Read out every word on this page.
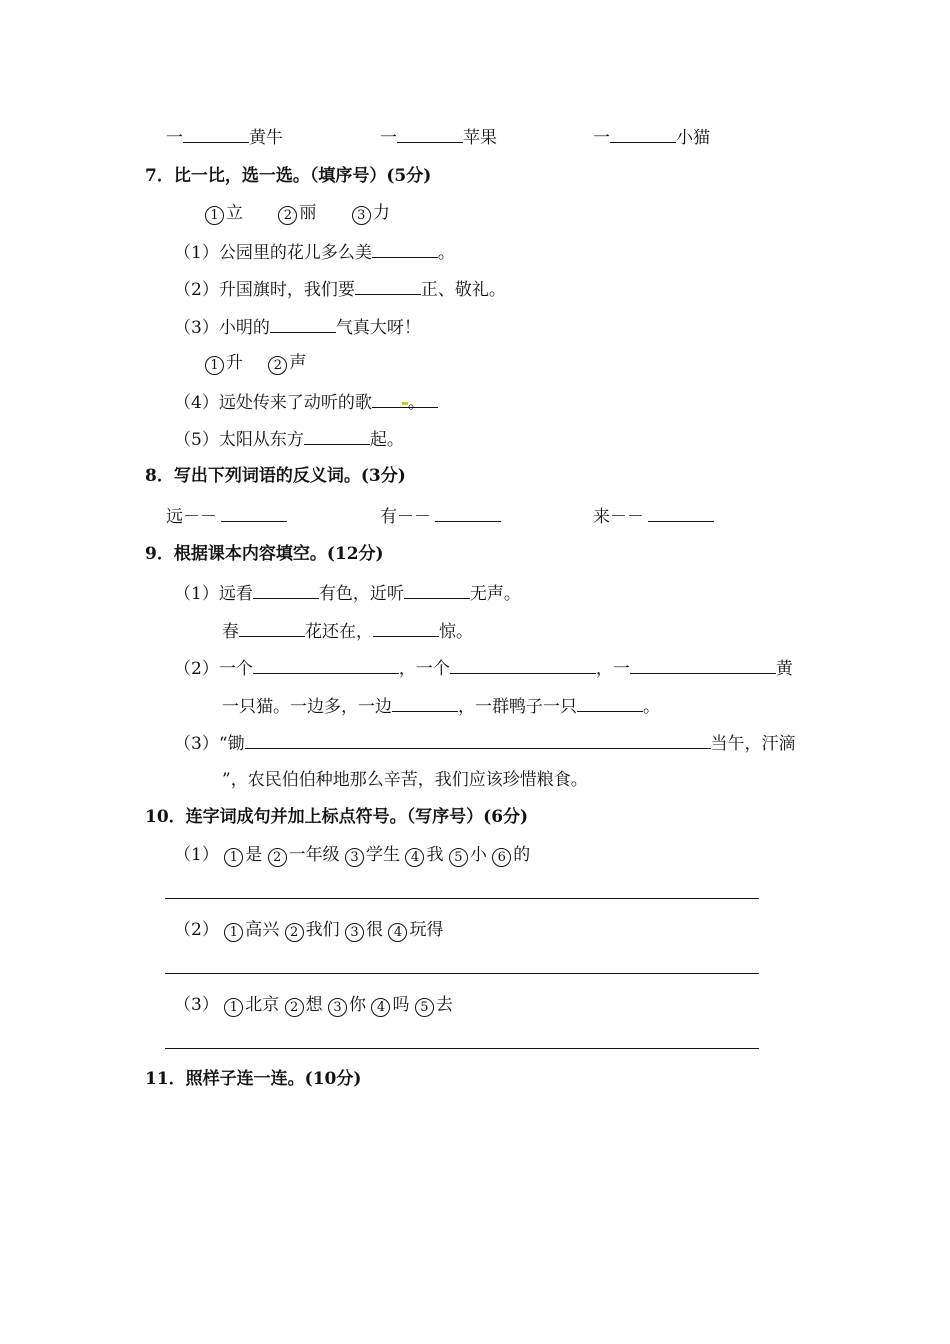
一	黄牛	一	苹果	一	小猫
7．比一比，选一选。（填序号）(5分)
1 立	2 丽	3 力
（1）公园里的花儿多么美	。
（2）升国旗时，我们要	正、敬礼。
（3）小明的	气真大呀！
1 升 2 声
（4）远处传来了动听的歌 。
（5）太阳从东方	起。
8．写出下列词语的反义词。(3分)
远－－	有－－	来－－
9．根据课本内容填空。(12分)
（1）远看	有色，近听	无声。
春	花还在，	惊。
（2）一个	，一个	，一	黄
一只猫。一边多，一边	，一群鸭子一只	。
（3）“锄	当午，汗滴
”，农民伯伯种地那么辛苦，我们应该珍惜粮食。
10．连字词成句并加上标点符号。（写序号）(6分)
（1） 1 是 2 一年级 3 学生 4 我 5 小 6 的
（2） 1 高兴 2 我们 3 很 4 玩得
（3） 1 北京 2 想 3 你 4 吗 5 去
11．照样子连一连。(10分)
